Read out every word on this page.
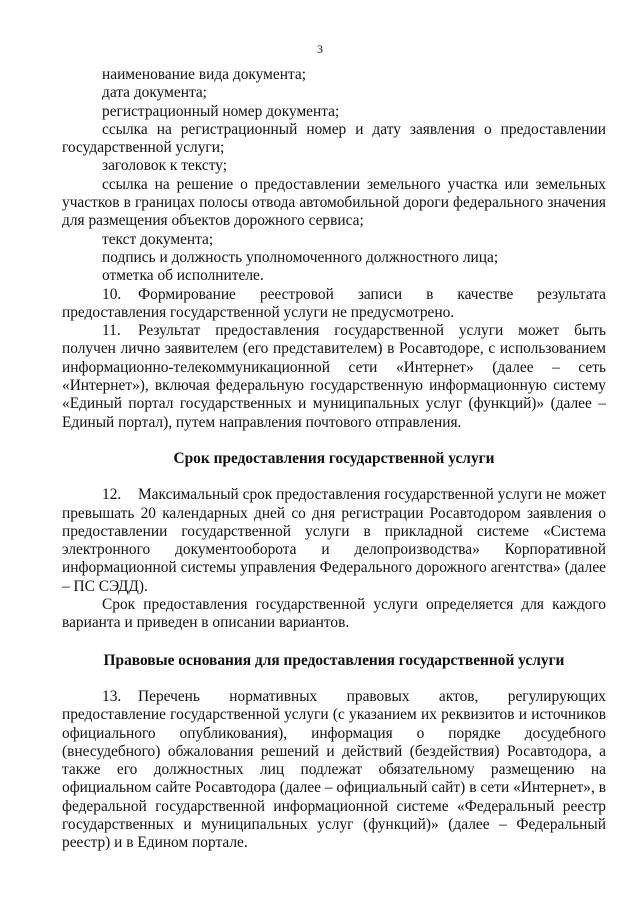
3

наименование вида документа;

дата документа;

регистрационный номер документа;

ссылка на регистрационный номер и дату заявления о предоставлении государственной услуги;

заголовок к тексту;

ссылка на решение о предоставлении земельного участка или земельных участков в границах полосы отвода автомобильной дороги федерального значения для размещения объектов дорожного сервиса;

текст документа;

подпись и должность уполномоченного должностного лица;

отметка об исполнителе.

10. Формирование реестровой записи в качестве результата предоставления государственной услуги не предусмотрено.

11. Результат предоставления государственной услуги может быть получен лично заявителем (его представителем) в Росавтодоре, с использованием информационно-телекоммуникационной сети «Интернет» (далее – сеть «Интернет»), включая федеральную государственную информационную систему «Единый портал государственных и муниципальных услуг (функций)» (далее – Единый портал), путем направления почтового отправления.

Срок предоставления государственной услуги

12. Максимальный срок предоставления государственной услуги не может превышать 20 календарных дней со дня регистрации Росавтодором заявления о предоставлении государственной услуги в прикладной системе «Система электронного документооборота и делопроизводства» Корпоративной информационной системы управления Федерального дорожного агентства» (далее – ПС СЭДД).

Срок предоставления государственной услуги определяется для каждого варианта и приведен в описании вариантов.

Правовые основания для предоставления государственной услуги

13. Перечень нормативных правовых актов, регулирующих предоставление государственной услуги (с указанием их реквизитов и источников официального опубликования), информация о порядке досудебного (внесудебного) обжалования решений и действий (бездействия) Росавтодора, а также его должностных лиц подлежат обязательному размещению на официальном сайте Росавтодора (далее – официальный сайт) в сети «Интернет», в федеральной государственной информационной системе «Федеральный реестр государственных и муниципальных услуг (функций)» (далее – Федеральный реестр) и в Едином портале.
